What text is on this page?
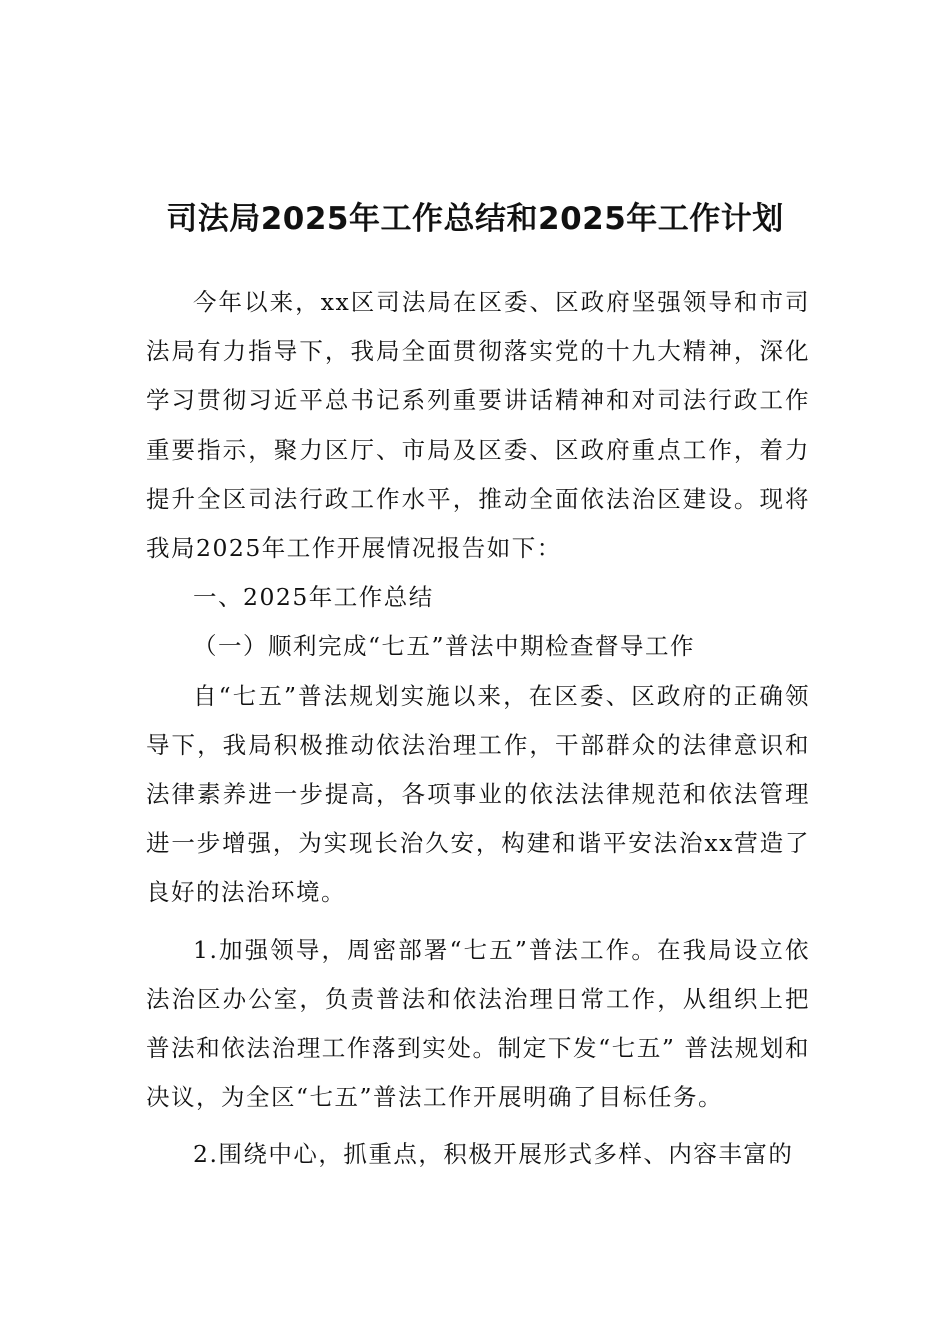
司法局2025年工作总结和2025年工作计划

今年以来，xx区司法局在区委、区政府坚强领导和市司法局有力指导下，我局全面贯彻落实党的十九大精神，深化学习贯彻习近平总书记系列重要讲话精神和对司法行政工作重要指示，聚力区厅、市局及区委、区政府重点工作，着力提升全区司法行政工作水平，推动全面依法治区建设。现将我局2025年工作开展情况报告如下：

一、2025年工作总结

（一）顺利完成“七五”普法中期检查督导工作

自“七五”普法规划实施以来，在区委、区政府的正确领导下，我局积极推动依法治理工作，干部群众的法律意识和法律素养进一步提高，各项事业的依法法律规范和依法管理进一步增强，为实现长治久安，构建和谐平安法治xx营造了良好的法治环境。

1.加强领导，周密部署“七五”普法工作。在我局设立依法治区办公室，负责普法和依法治理日常工作，从组织上把普法和依法治理工作落到实处。制定下发“七五” 普法规划和决议，为全区“七五”普法工作开展明确了目标任务。

2.围绕中心，抓重点，积极开展形式多样、内容丰富的
